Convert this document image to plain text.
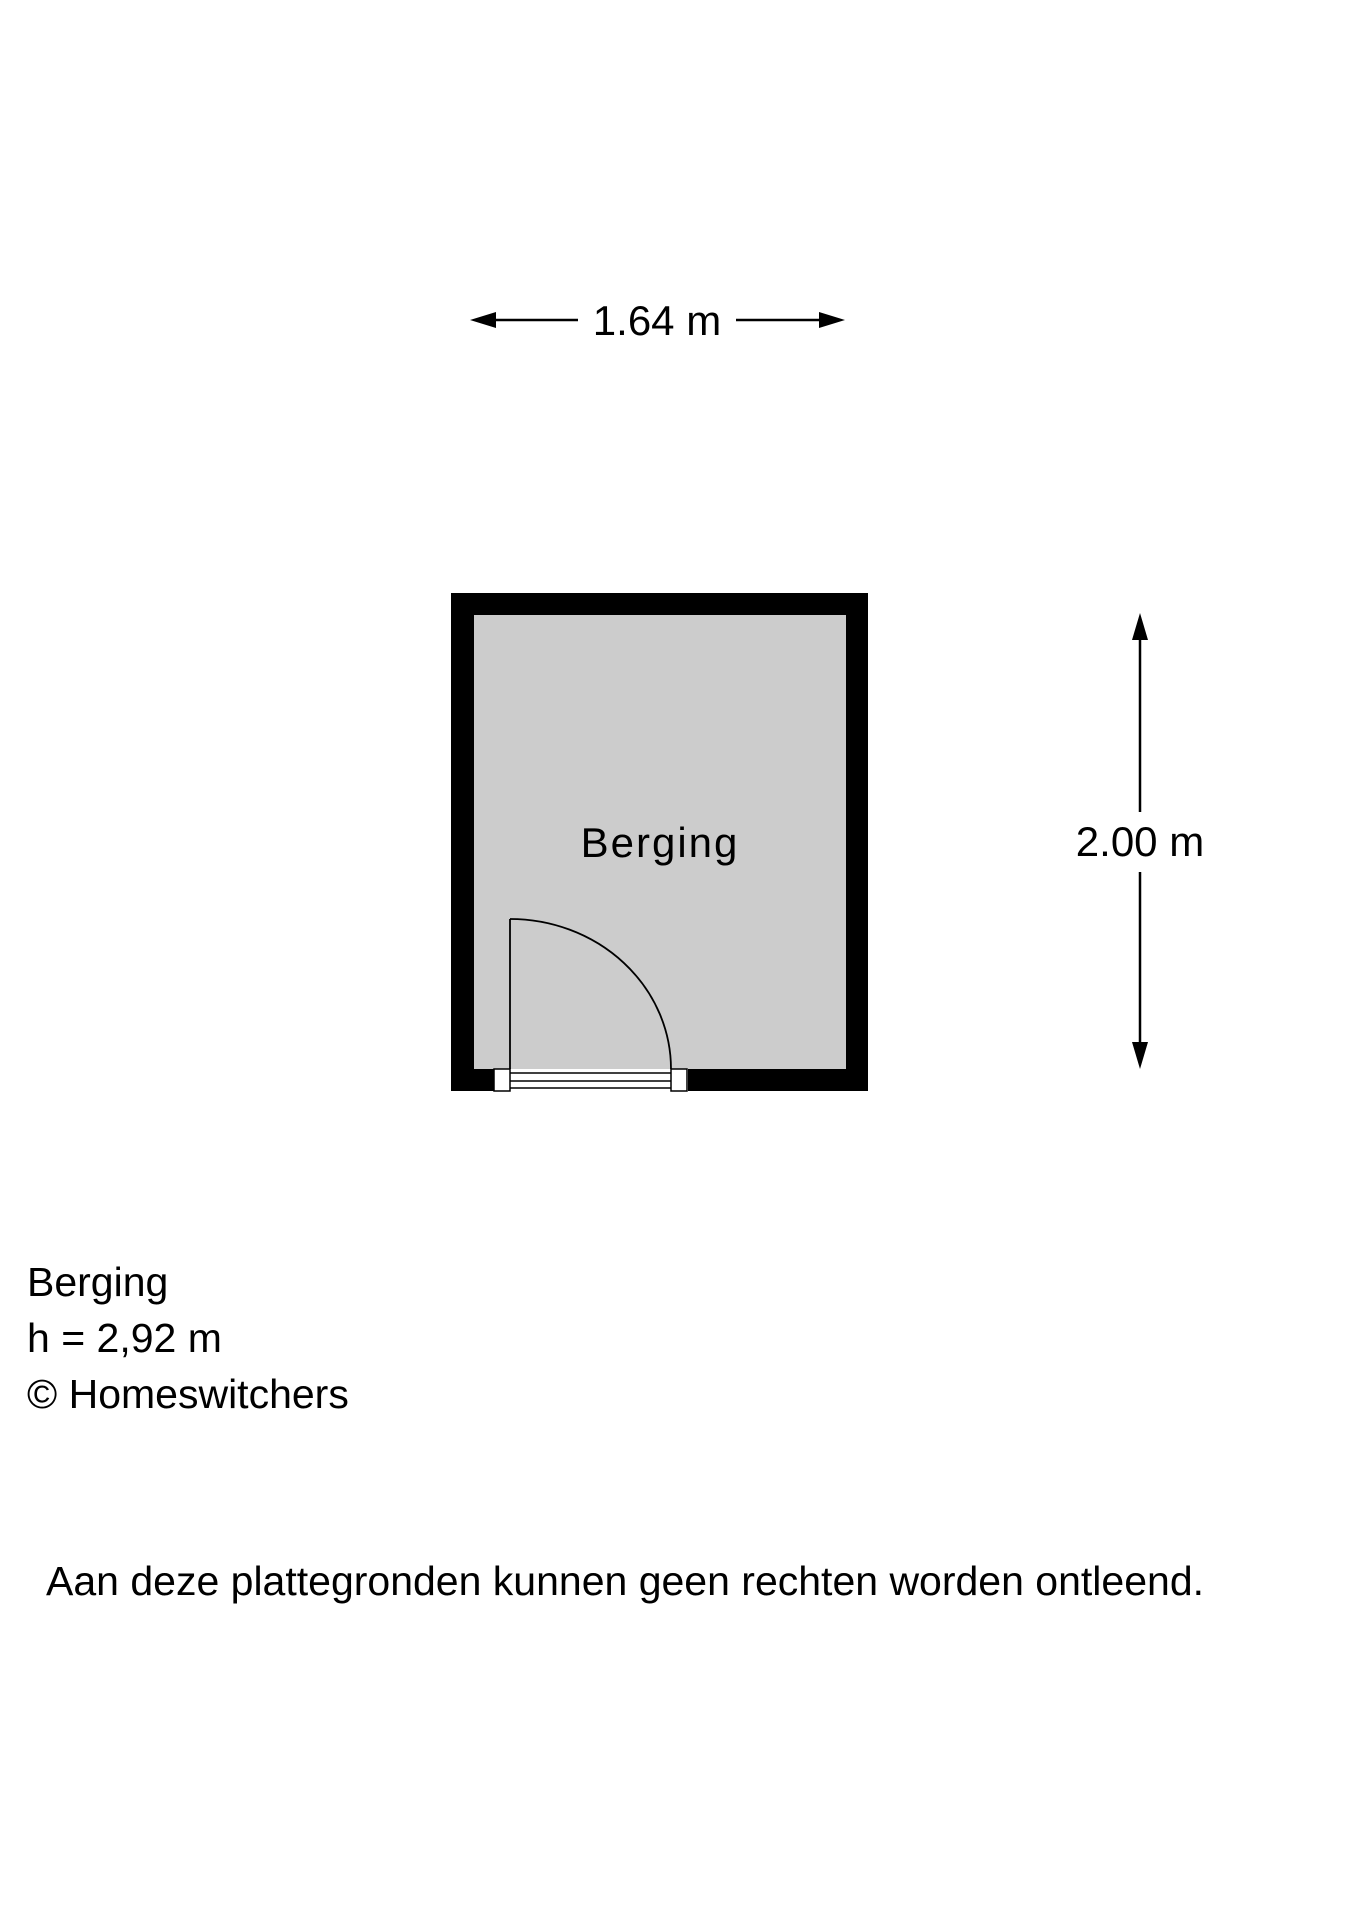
1.64 m
2.00 m
Berging
Berging
h = 2,92 m
© Homeswitchers
Aan deze plattegronden kunnen geen rechten worden ontleend.
